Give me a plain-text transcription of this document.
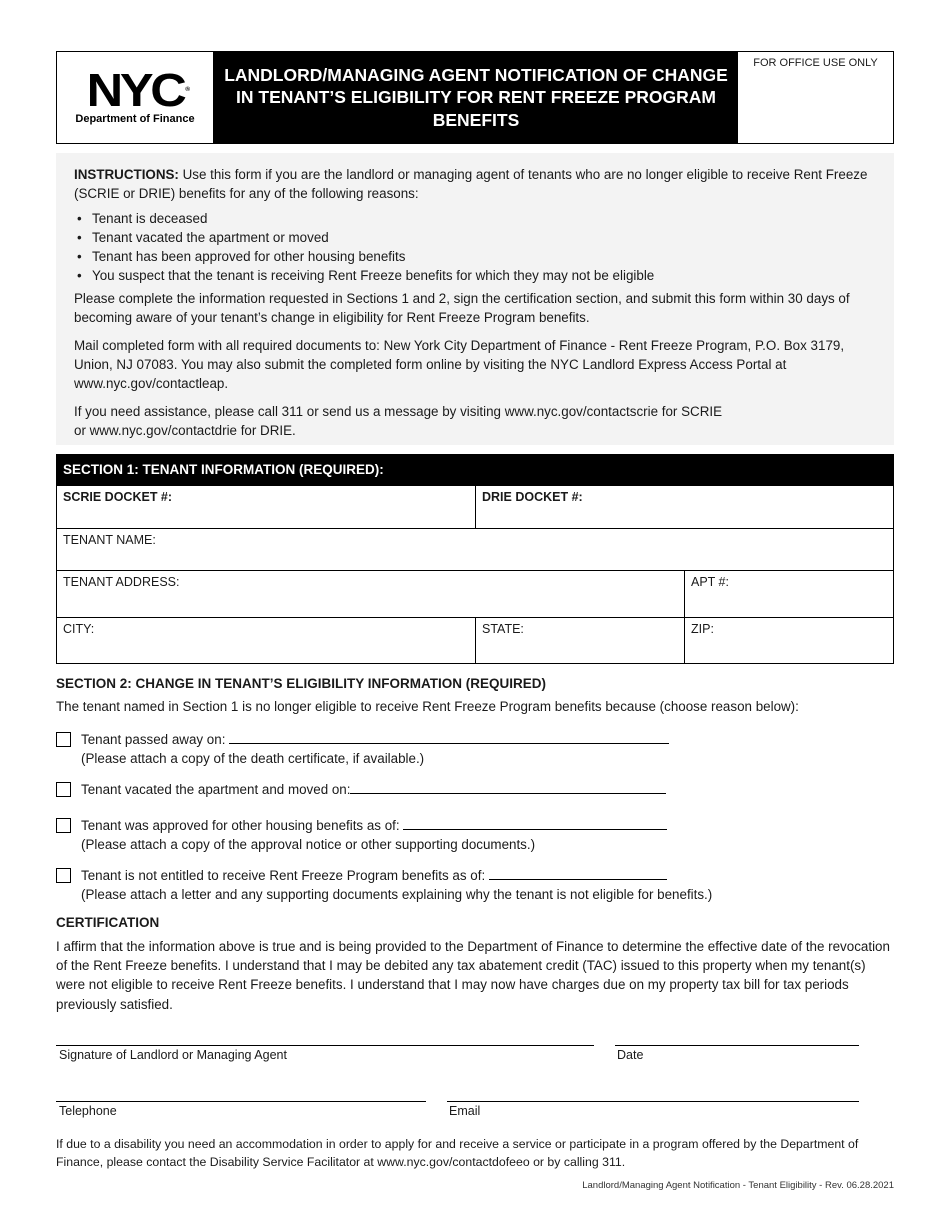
NYC ®
Department of Finance
LANDLORD/MANAGING AGENT NOTIFICATION OF CHANGE IN TENANT’S ELIGIBILITY FOR RENT FREEZE PROGRAM BENEFITS
FOR OFFICE USE ONLY

INSTRUCTIONS: Use this form if you are the landlord or managing agent of tenants who are no longer eligible to receive Rent Freeze (SCRIE or DRIE) benefits for any of the following reasons:

• Tenant is deceased
• Tenant vacated the apartment or moved
• Tenant has been approved for other housing benefits
• You suspect that the tenant is receiving Rent Freeze benefits for which they may not be eligible

Please complete the information requested in Sections 1 and 2, sign the certification section, and submit this form within 30 days of becoming aware of your tenant’s change in eligibility for Rent Freeze Program benefits.

Mail completed form with all required documents to: New York City Department of Finance - Rent Freeze Program, P.O. Box 3179, Union, NJ 07083. You may also submit the completed form online by visiting the NYC Landlord Express Access Portal at www.nyc.gov/contactleap.

If you need assistance, please call 311 or send us a message by visiting www.nyc.gov/contactscrie for SCRIE
or www.nyc.gov/contactdrie for DRIE.

SECTION 1: TENANT INFORMATION (REQUIRED):
SCRIE DOCKET #:	DRIE DOCKET #:
TENANT NAME:
TENANT ADDRESS:	APT #:
CITY:	STATE:	ZIP:
SECTION 2: CHANGE IN TENANT’S ELIGIBILITY INFORMATION (REQUIRED)
The tenant named in Section 1 is no longer eligible to receive Rent Freeze Program benefits because (choose reason below):
Tenant passed away on:
(Please attach a copy of the death certificate, if available.)
Tenant vacated the apartment and moved on:
Tenant was approved for other housing benefits as of:
(Please attach a copy of the approval notice or other supporting documents.)
Tenant is not entitled to receive Rent Freeze Program benefits as of:
(Please attach a letter and any supporting documents explaining why the tenant is not eligible for benefits.)
CERTIFICATION
I affirm that the information above is true and is being provided to the Department of Finance to determine the effective date of the revocation of the Rent Freeze benefits. I understand that I may be debited any tax abatement credit (TAC) issued to this property when my tenant(s) were not eligible to receive Rent Freeze benefits. I understand that I may now have charges due on my property tax bill for tax periods previously satisfied.
Signature of Landlord or Managing Agent	Date
Telephone	Email
If due to a disability you need an accommodation in order to apply for and receive a service or participate in a program offered by the Department of Finance, please contact the Disability Service Facilitator at www.nyc.gov/contactdofeeo or by calling 311.
Landlord/Managing Agent Notification - Tenant Eligibility - Rev. 06.28.2021
